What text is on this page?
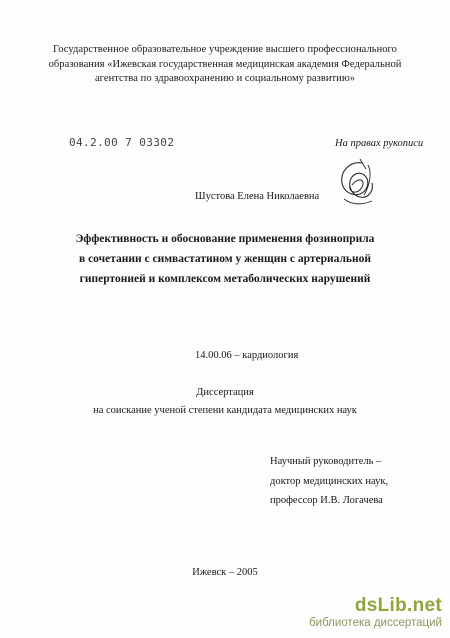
Государственное образовательное учреждение высшего профессионального
образования «Ижевская государственная медицинская академия Федеральной
агентства по здравоохранению и социальному развитию»
04.2.00 7 03302	На правах рукописи
Шустова Елена Николаевна
Эффективность и обоснование применения фозиноприла
в сочетании с симвастатином у женщин с артериальной
гипертонией и комплексом метаболических нарушений
14.00.06 – кардиология
Диссертация
на соискание ученой степени кандидата медицинских наук
Научный руководитель –
доктор медицинских наук,
профессор И.В. Логачева
Ижевск – 2005
dsLib.net
библиотека диссертаций
